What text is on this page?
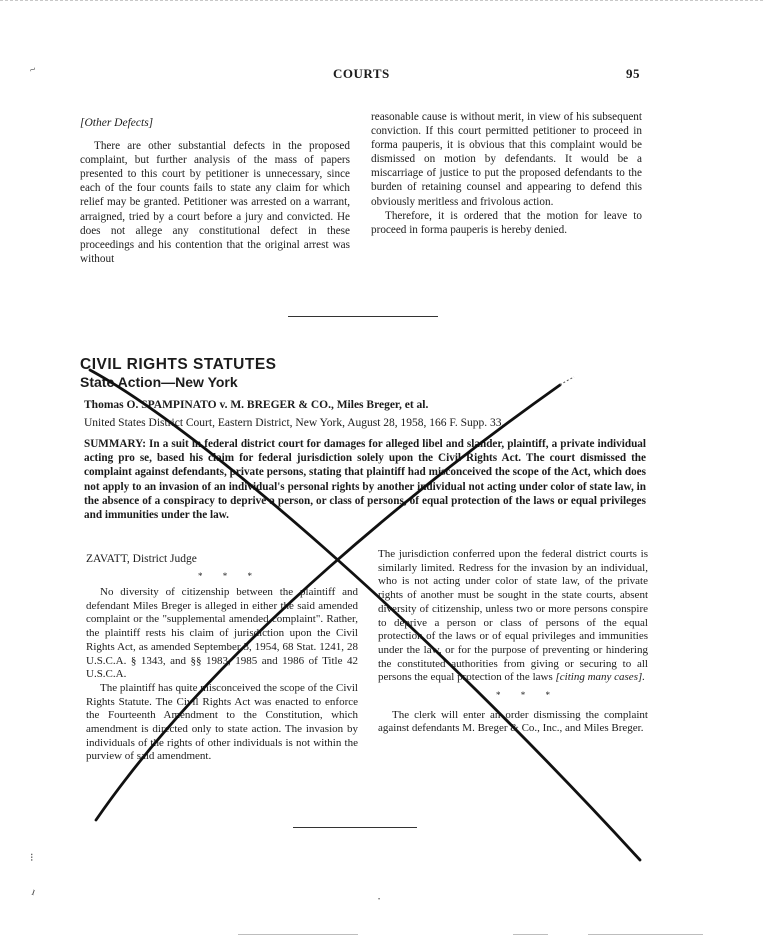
COURTS	95
~
[Other Defects]

There are other substantial defects in the proposed complaint, but further analysis of the mass of papers presented to this court by petitioner is unnecessary, since each of the four counts fails to state any claim for which relief may be granted. Petitioner was arrested on a warrant, arraigned, tried by a court before a jury and convicted. He does not allege any constitutional defect in these proceedings and his contention that the original arrest was without

reasonable cause is without merit, in view of his subsequent conviction. If this court permitted petitioner to proceed in forma pauperis, it is obvious that this complaint would be dismissed on motion by defendants. It would be a miscarriage of justice to put the proposed defendants to the burden of retaining counsel and appearing to defend this obviously meritless and frivolous action.

Therefore, it is ordered that the motion for leave to proceed in forma pauperis is hereby denied.

CIVIL RIGHTS STATUTES
State Action—New York
Thomas O. SPAMPINATO v. M. BREGER & CO., Miles Breger, et al.
United States District Court, Eastern District, New York, August 28, 1958, 166 F. Supp. 33.
SUMMARY: In a suit in federal district court for damages for alleged libel and slander, plaintiff, a private individual acting pro se, based his claim for federal jurisdiction solely upon the Civil Rights Act. The court dismissed the complaint against defendants, private persons, stating that plaintiff had misconceived the scope of the Act, which does not apply to an invasion of an individual's personal rights by another individual not acting under color of state law, in the absence of a conspiracy to deprive a person, or class of persons, of equal protection of the laws or equal privileges and immunities under the law.
ZAVATT, District Judge
* * *

No diversity of citizenship between the plaintiff and defendant Miles Breger is alleged in either the said amended complaint or the "supplemental amended complaint". Rather, the plaintiff rests his claim of jurisdiction upon the Civil Rights Act, as amended September 3, 1954, 68 Stat. 1241, 28 U.S.C.A. § 1343, and §§ 1983, 1985 and 1986 of Title 42 U.S.C.A.

The plaintiff has quite misconceived the scope of the Civil Rights Statute. The Civil Rights Act was enacted to enforce the Fourteenth Amendment to the Constitution, which amendment is directed only to state action. The invasion by individuals of the rights of other individuals is not within the purview of said amendment.

The jurisdiction conferred upon the federal district courts is similarly limited. Redress for the invasion by an individual, who is not acting under color of state law, of the private rights of another must be sought in the state courts, absent diversity of citizenship, unless two or more persons conspire to deprive a person or class of persons of the equal protection of the laws or of equal privileges and immunities under the law, or for the purpose of preventing or hindering the constituted authorities from giving or securing to all persons the equal protection of the laws [citing many cases].

* * *

The clerk will enter an order dismissing the complaint against defendants M. Breger & Co., Inc., and Miles Breger.

⁝
•
ı
